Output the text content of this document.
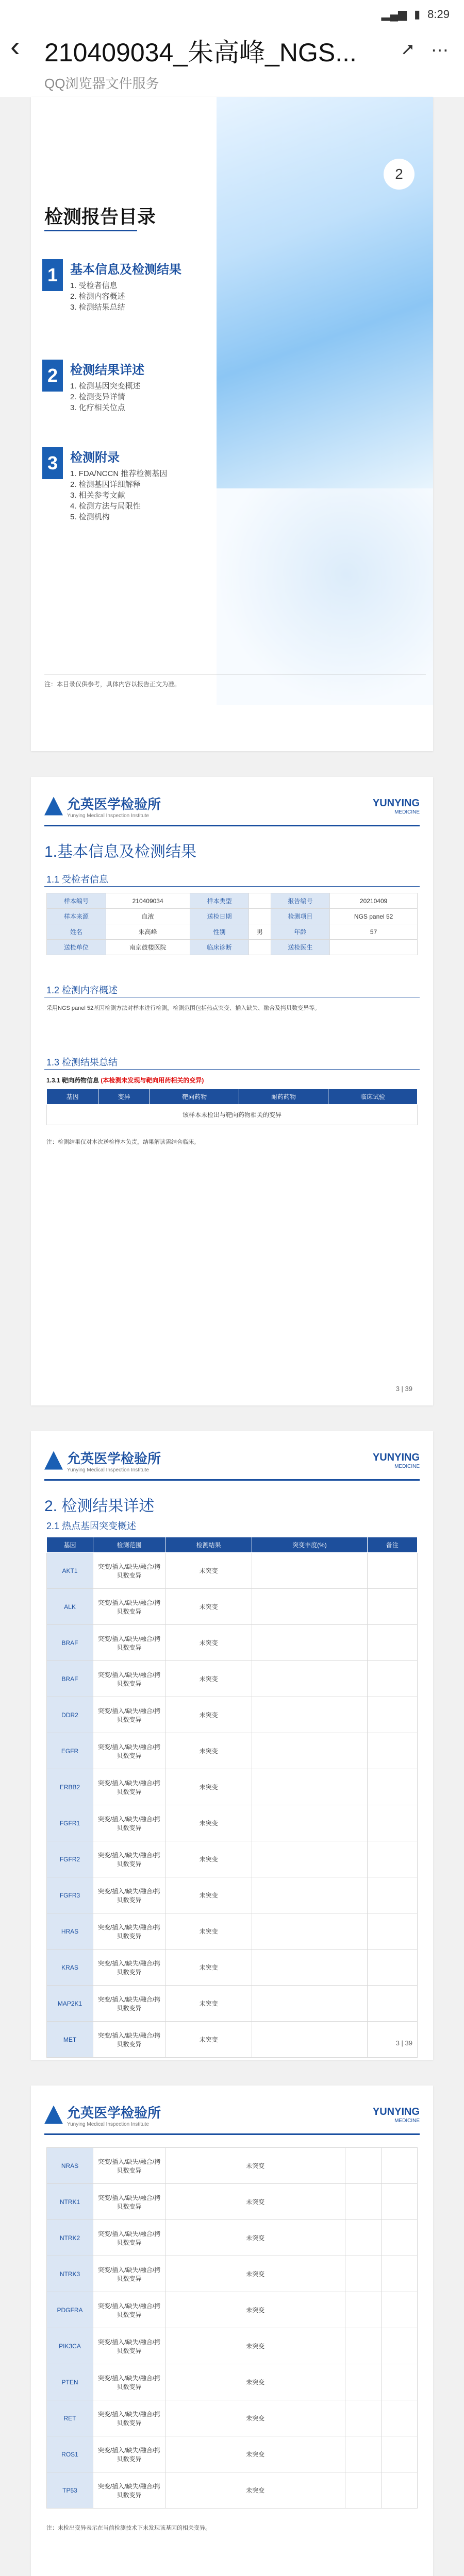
▂▄▆ ▮ 8:29
‹ 210409034_朱高峰_NGS...
QQ浏览器文件服务
⭧ ⋯
2
检测报告目录
1 基本信息及检测结果
1. 受检者信息
2. 检测内容概述
3. 检测结果总结
2 检测结果详述
1. 检测基因突变概述
2. 检测变异详情
3. 化疗相关位点
3 检测附录
1. FDA/NCCN 推荐检测基因
2. 检测基因详细解释
3. 相关参考文献
4. 检测方法与局限性
5. 检测机构
注：本目录仅供参考，具体内容以报告正文为准。
允英医学检验所
Yunying Medical Inspection Institute
YUNYING
MEDICINE
1.基本信息及检测结果
1.1 受检者信息
样本编号	210409034	样本类型		报告编号	20210409
样本来源	血液	送检日期		检测项目	NGS panel 52
姓名	朱高峰	性别	男	年龄	57
送检单位	南京鼓楼医院	临床诊断		送检医生	
1.2 检测内容概述
采用NGS panel 52基因检测方法对样本进行检测，检测范围包括热点突变、插入缺失、融合及拷贝数变异等。
1.3 检测结果总结
1.3.1 靶向药物信息 (本检测未发现与靶向用药相关的变异)
基因	变异	靶向药物	耐药药物	临床试验
该样本未检出与靶向药物相关的变异
注：检测结果仅对本次送检样本负责，结果解读需结合临床。
3 | 39
允英医学检验所
Yunying Medical Inspection Institute
YUNYING
MEDICINE
2. 检测结果详述
2.1 热点基因突变概述
基因	检测范围	检测结果	突变丰度(%)	备注
AKT1	突变/插入/缺失/融合/拷贝数变异	未突变		
ALK	突变/插入/缺失/融合/拷贝数变异	未突变		
BRAF	突变/插入/缺失/融合/拷贝数变异	未突变		
BRAF	突变/插入/缺失/融合/拷贝数变异	未突变		
DDR2	突变/插入/缺失/融合/拷贝数变异	未突变		
EGFR	突变/插入/缺失/融合/拷贝数变异	未突变		
ERBB2	突变/插入/缺失/融合/拷贝数变异	未突变		
FGFR1	突变/插入/缺失/融合/拷贝数变异	未突变		
FGFR2	突变/插入/缺失/融合/拷贝数变异	未突变		
FGFR3	突变/插入/缺失/融合/拷贝数变异	未突变		
HRAS	突变/插入/缺失/融合/拷贝数变异	未突变		
KRAS	突变/插入/缺失/融合/拷贝数变异	未突变		
MAP2K1	突变/插入/缺失/融合/拷贝数变异	未突变		
MET	突变/插入/缺失/融合/拷贝数变异	未突变			3 | 39
允英医学检验所
Yunying Medical Inspection Institute
YUNYING
MEDICINE
NRAS	突变/插入/缺失/融合/拷贝数变异	未突变		
NTRK1	突变/插入/缺失/融合/拷贝数变异	未突变		
NTRK2	突变/插入/缺失/融合/拷贝数变异	未突变		
NTRK3	突变/插入/缺失/融合/拷贝数变异	未突变		
PDGFRA	突变/插入/缺失/融合/拷贝数变异	未突变		
PIK3CA	突变/插入/缺失/融合/拷贝数变异	未突变		
PTEN	突变/插入/缺失/融合/拷贝数变异	未突变		
RET	突变/插入/缺失/融合/拷贝数变异	未突变		
ROS1	突变/插入/缺失/融合/拷贝数变异	未突变		
TP53	突变/插入/缺失/融合/拷贝数变异	未突变		
注：未检出变异表示在当前检测技术下未发现该基因的相关变异。
